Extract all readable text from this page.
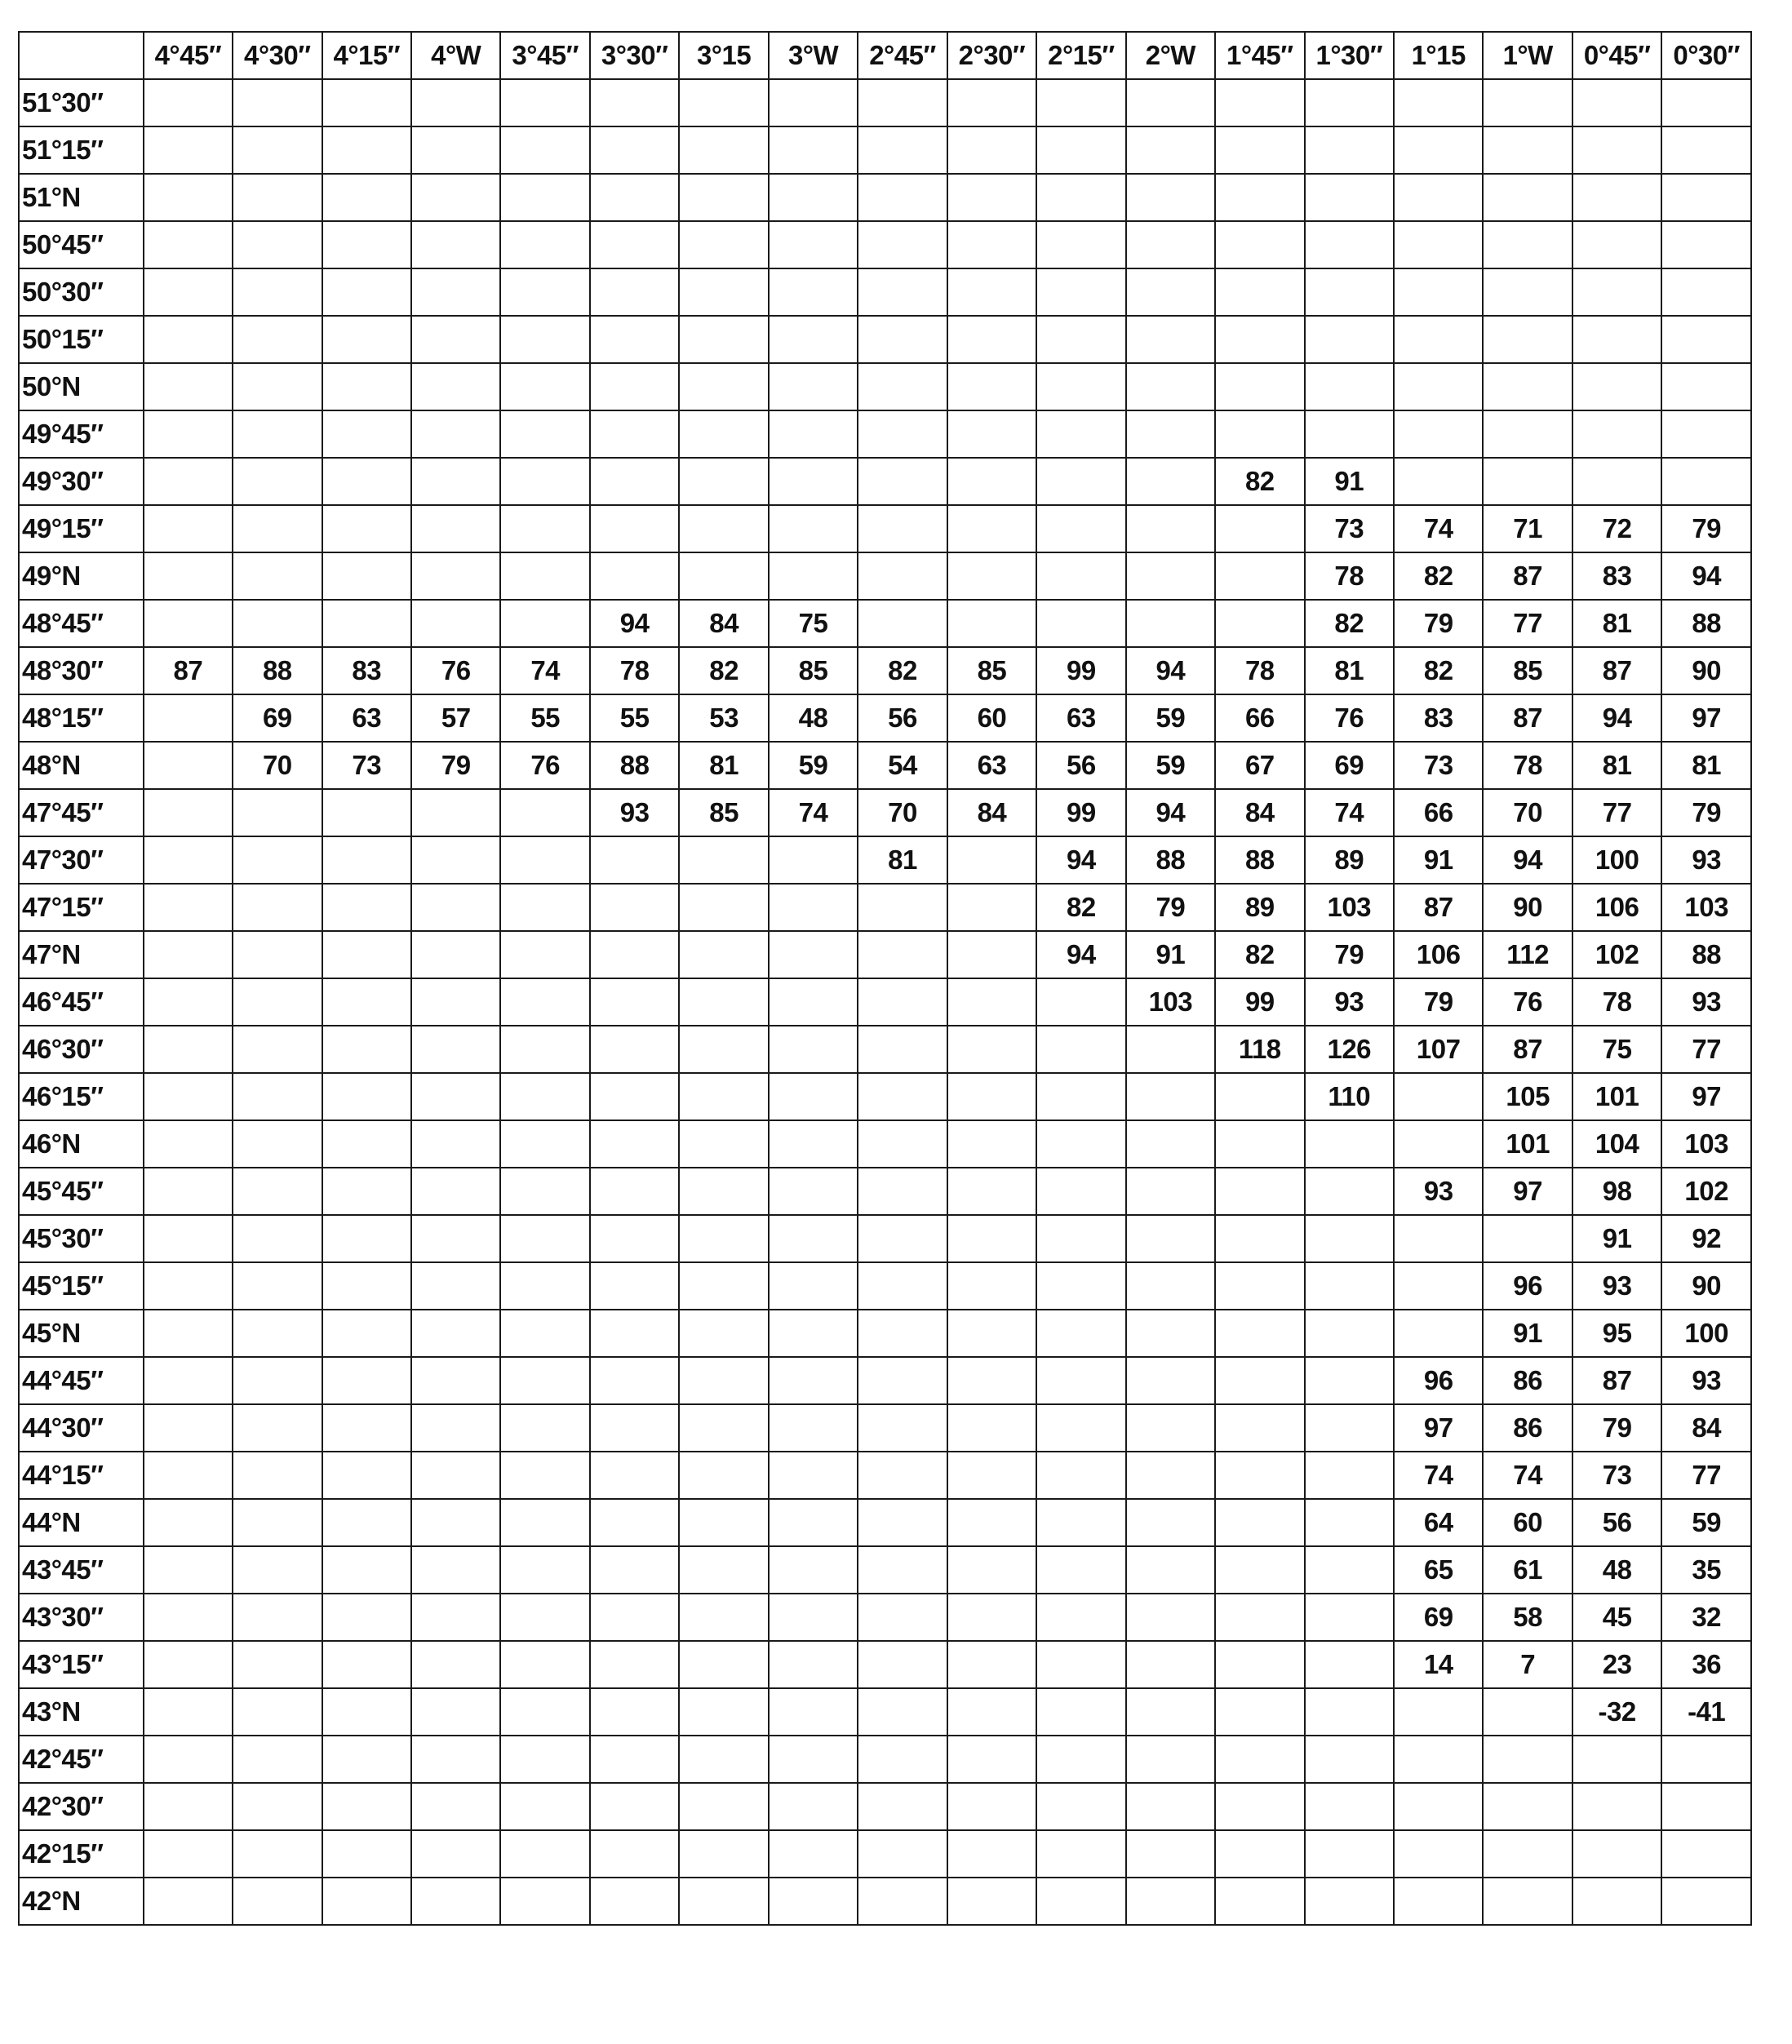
	4°45″	4°30″	4°15″	4°W	3°45″	3°30″	3°15	3°W	2°45″	2°30″	2°15″	2°W	1°45″	1°30″	1°15	1°W	0°45″	0°30″
51°30″																		
51°15″																		
51°N																		
50°45″																		
50°30″																		
50°15″																		
50°N																		
49°45″																		
49°30″													82	91				
49°15″														73	74	71	72	79
49°N														78	82	87	83	94
48°45″						94	84	75						82	79	77	81	88
48°30″	87	88	83	76	74	78	82	85	82	85	99	94	78	81	82	85	87	90
48°15″		69	63	57	55	55	53	48	56	60	63	59	66	76	83	87	94	97
48°N		70	73	79	76	88	81	59	54	63	56	59	67	69	73	78	81	81
47°45″						93	85	74	70	84	99	94	84	74	66	70	77	79
47°30″									81		94	88	88	89	91	94	100	93
47°15″											82	79	89	103	87	90	106	103
47°N											94	91	82	79	106	112	102	88
46°45″												103	99	93	79	76	78	93
46°30″													118	126	107	87	75	77
46°15″														110		105	101	97
46°N																101	104	103
45°45″															93	97	98	102
45°30″																	91	92
45°15″																96	93	90
45°N																91	95	100
44°45″															96	86	87	93
44°30″															97	86	79	84
44°15″															74	74	73	77
44°N															64	60	56	59
43°45″															65	61	48	35
43°30″															69	58	45	32
43°15″															14	7	23	36
43°N																	-32	-41
42°45″																		
42°30″																		
42°15″																		
42°N																		
